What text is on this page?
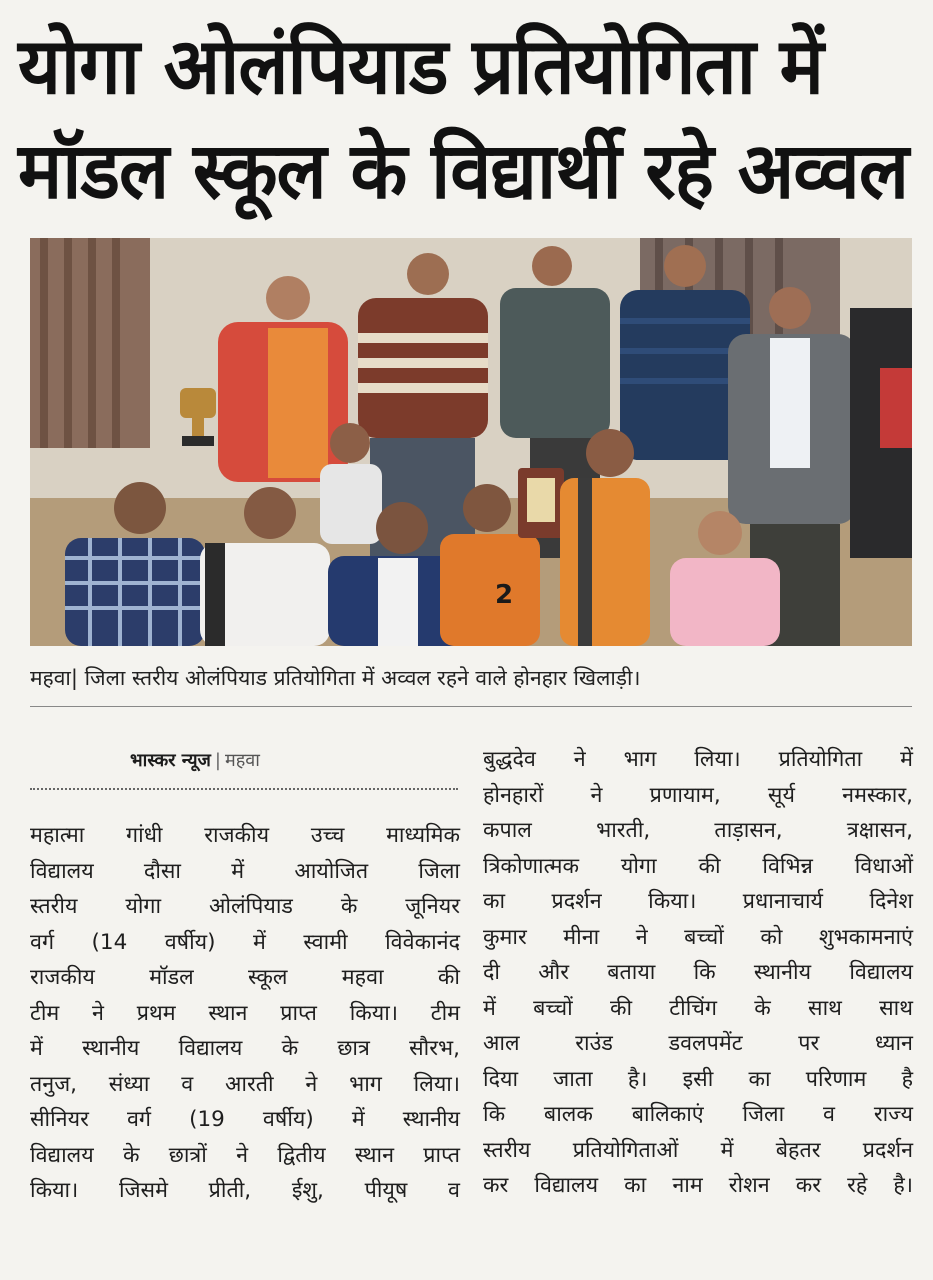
योगा ओलंपियाड प्रतियोगिता में
मॉडल स्कूल के विद्यार्थी रहे अव्वल
2
महवा| जिला स्तरीय ओलंपियाड प्रतियोगिता में अव्वल रहने वाले होनहार खिलाड़ी।
भास्कर न्यूज | महवा
महात्मा गांधी राजकीय उच्च माध्यमिक
विद्यालय दौसा में आयोजित जिला
स्तरीय योगा ओलंपियाड के जूनियर
वर्ग (14 वर्षीय) में स्वामी विवेकानंद
राजकीय मॉडल स्कूल महवा की
टीम ने प्रथम स्थान प्राप्त किया। टीम
में स्थानीय विद्यालय के छात्र सौरभ,
तनुज, संध्या व आरती ने भाग लिया।
सीनियर वर्ग (19 वर्षीय) में स्थानीय
विद्यालय के छात्रों ने द्वितीय स्थान प्राप्त
किया। जिसमे प्रीती, ईशु, पीयूष व
बुद्धदेव ने भाग लिया। प्रतियोगिता में
होनहारों ने प्रणायाम, सूर्य नमस्कार,
कपाल भारती, ताड़ासन, त्रक्षासन,
त्रिकोणात्मक योगा की विभिन्न विधाओं
का प्रदर्शन किया। प्रधानाचार्य दिनेश
कुमार मीना ने बच्चों को शुभकामनाएं
दी और बताया कि स्थानीय विद्यालय
में बच्चों की टीचिंग के साथ साथ
आल राउंड डवलपमेंट पर ध्यान
दिया जाता है। इसी का परिणाम है
कि बालक बालिकाएं जिला व राज्य
स्तरीय प्रतियोगिताओं में बेहतर प्रदर्शन
कर विद्यालय का नाम रोशन कर रहे है।
